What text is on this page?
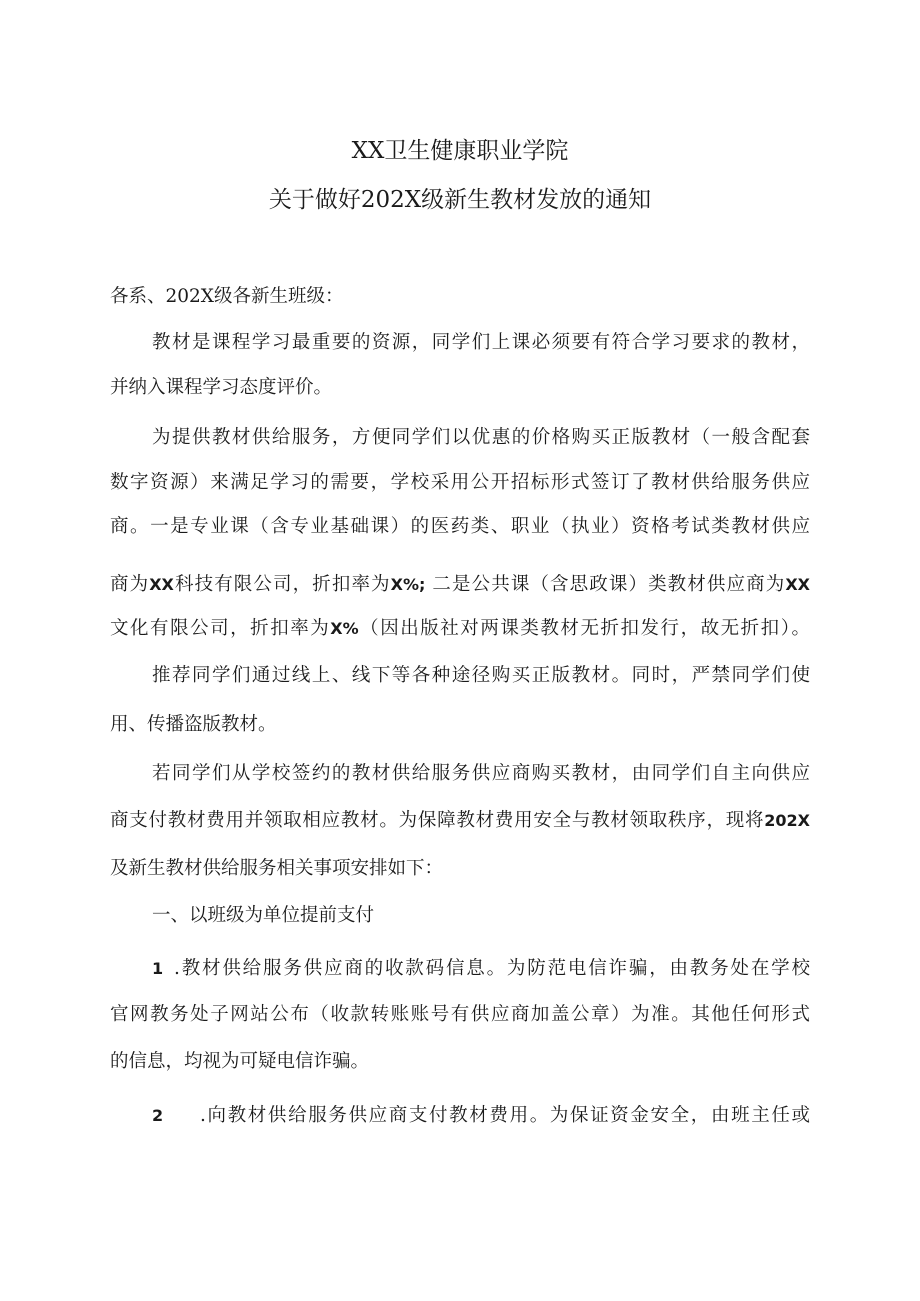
XX卫生健康职业学院
关于做好202X级新生教材发放的通知
各系、202X级各新生班级：
教材是课程学习最重要的资源，同学们上课必须要有符合学习要求的教材，
并纳入课程学习态度评价。
为提供教材供给服务，方便同学们以优惠的价格购买正版教材（一般含配套
数字资源）来满足学习的需要，学校采用公开招标形式签订了教材供给服务供应
商。一是专业课（含专业基础课）的医药类、职业（执业）资格考试类教材供应
商为XX科技有限公司，折扣率为X%; 二是公共课（含思政课）类教材供应商为XX
文化有限公司，折扣率为X%（因出版社对两课类教材无折扣发行，故无折扣）。
推荐同学们通过线上、线下等各种途径购买正版教材。同时，严禁同学们使
用、传播盗版教材。
若同学们从学校签约的教材供给服务供应商购买教材，由同学们自主向供应
商支付教材费用并领取相应教材。为保障教材费用安全与教材领取秩序，现将202X
及新生教材供给服务相关事项安排如下：
一、以班级为单位提前支付
1 .教材供给服务供应商的收款码信息。为防范电信诈骗，由教务处在学校
官网教务处子网站公布（收款转账账号有供应商加盖公章）为准。其他任何形式
的信息，均视为可疑电信诈骗。
2 .向教材供给服务供应商支付教材费用。为保证资金安全，由班主任或
